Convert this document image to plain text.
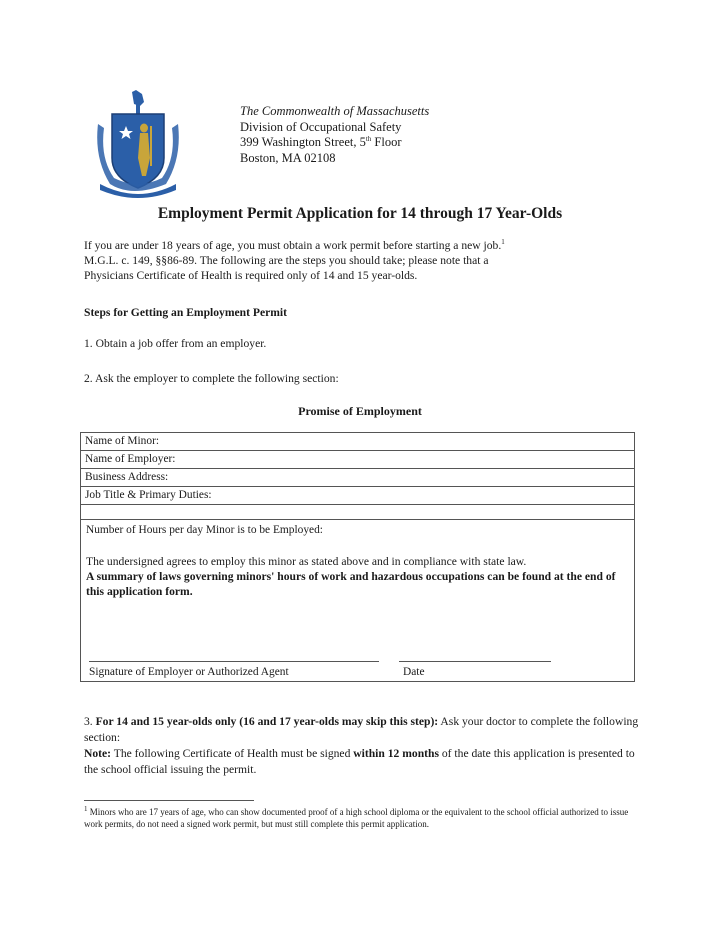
The Commonwealth of Massachusetts
Division of Occupational Safety
399 Washington Street, 5th Floor
Boston, MA 02108
Employment Permit Application for 14 through 17 Year-Olds
If you are under 18 years of age, you must obtain a work permit before starting a new job.$^1$
M.G.L. c. 149, §§86-89. The following are the steps you should take; please note that a
Physicians Certificate of Health is required only of 14 and 15 year-olds.
Steps for Getting an Employment Permit
1. Obtain a job offer from an employer.
2. Ask the employer to complete the following section:
Promise of Employment
Name of Minor:
Name of Employer:
Business Address:
Job Title & Primary Duties:
Number of Hours per day Minor is to be Employed:
The undersigned agrees to employ this minor as stated above and in compliance with state law.
A summary of laws governing minors' hours of work and hazardous occupations can be found at the end of this application form.
Signature of Employer or Authorized Agent	Date
3. For 14 and 15 year-olds only (16 and 17 year-olds may skip this step): Ask your doctor to complete the following section:
Note: The following Certificate of Health must be signed within 12 months of the date this application is presented to the school official issuing the permit.
$^1$ Minors who are 17 years of age, who can show documented proof of a high school diploma or the equivalent to the school official authorized to issue work permits, do not need a signed work permit, but must still complete this permit application.
